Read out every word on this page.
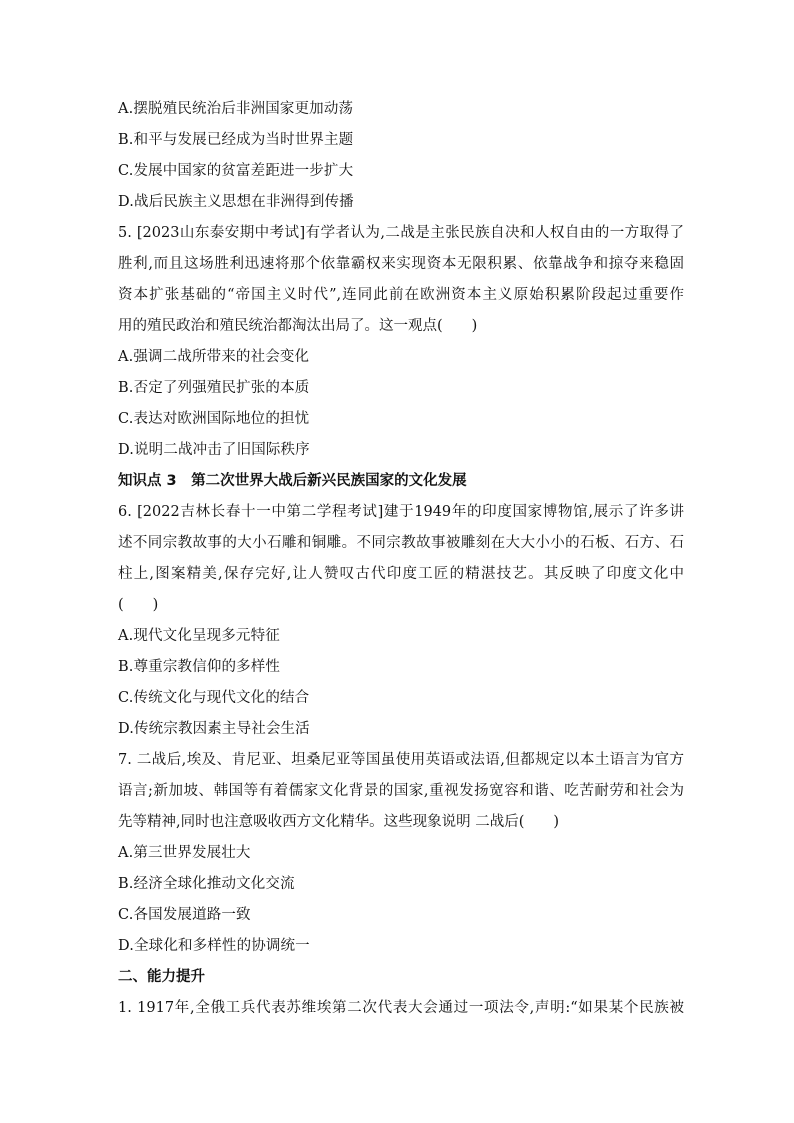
A.摆脱殖民统治后非洲国家更加动荡
B.和平与发展已经成为当时世界主题
C.发展中国家的贫富差距进一步扩大
D.战后民族主义思想在非洲得到传播
5. [2023山东泰安期中考试]有学者认为,二战是主张民族自决和人权自由的一方取得了
胜利,而且这场胜利迅速将那个依靠霸权来实现资本无限积累、依靠战争和掠夺来稳固
资本扩张基础的“帝国主义时代”,连同此前在欧洲资本主义原始积累阶段起过重要作
用的殖民政治和殖民统治都淘汰出局了。这一观点(　　)
A.强调二战所带来的社会变化
B.否定了列强殖民扩张的本质
C.表达对欧洲国际地位的担忧
D.说明二战冲击了旧国际秩序
知识点 3　第二次世界大战后新兴民族国家的文化发展
6. [2022吉林长春十一中第二学程考试]建于1949年的印度国家博物馆,展示了许多讲
述不同宗教故事的大小石雕和铜雕。不同宗教故事被雕刻在大大小小的石板、石方、石
柱上,图案精美,保存完好,让人赞叹古代印度工匠的精湛技艺。其反映了印度文化中
(　　)
A.现代文化呈现多元特征
B.尊重宗教信仰的多样性
C.传统文化与现代文化的结合
D.传统宗教因素主导社会生活
7. 二战后,埃及、肯尼亚、坦桑尼亚等国虽使用英语或法语,但都规定以本土语言为官方
语言;新加坡、韩国等有着儒家文化背景的国家,重视发扬宽容和谐、吃苦耐劳和社会为
先等精神,同时也注意吸收西方文化精华。这些现象说明 二战后(　　)
A.第三世界发展壮大
B.经济全球化推动文化交流
C.各国发展道路一致
D.全球化和多样性的协调统一
二、能力提升
1. 1917年,全俄工兵代表苏维埃第二次代表大会通过一项法令,声明:“如果某个民族被
